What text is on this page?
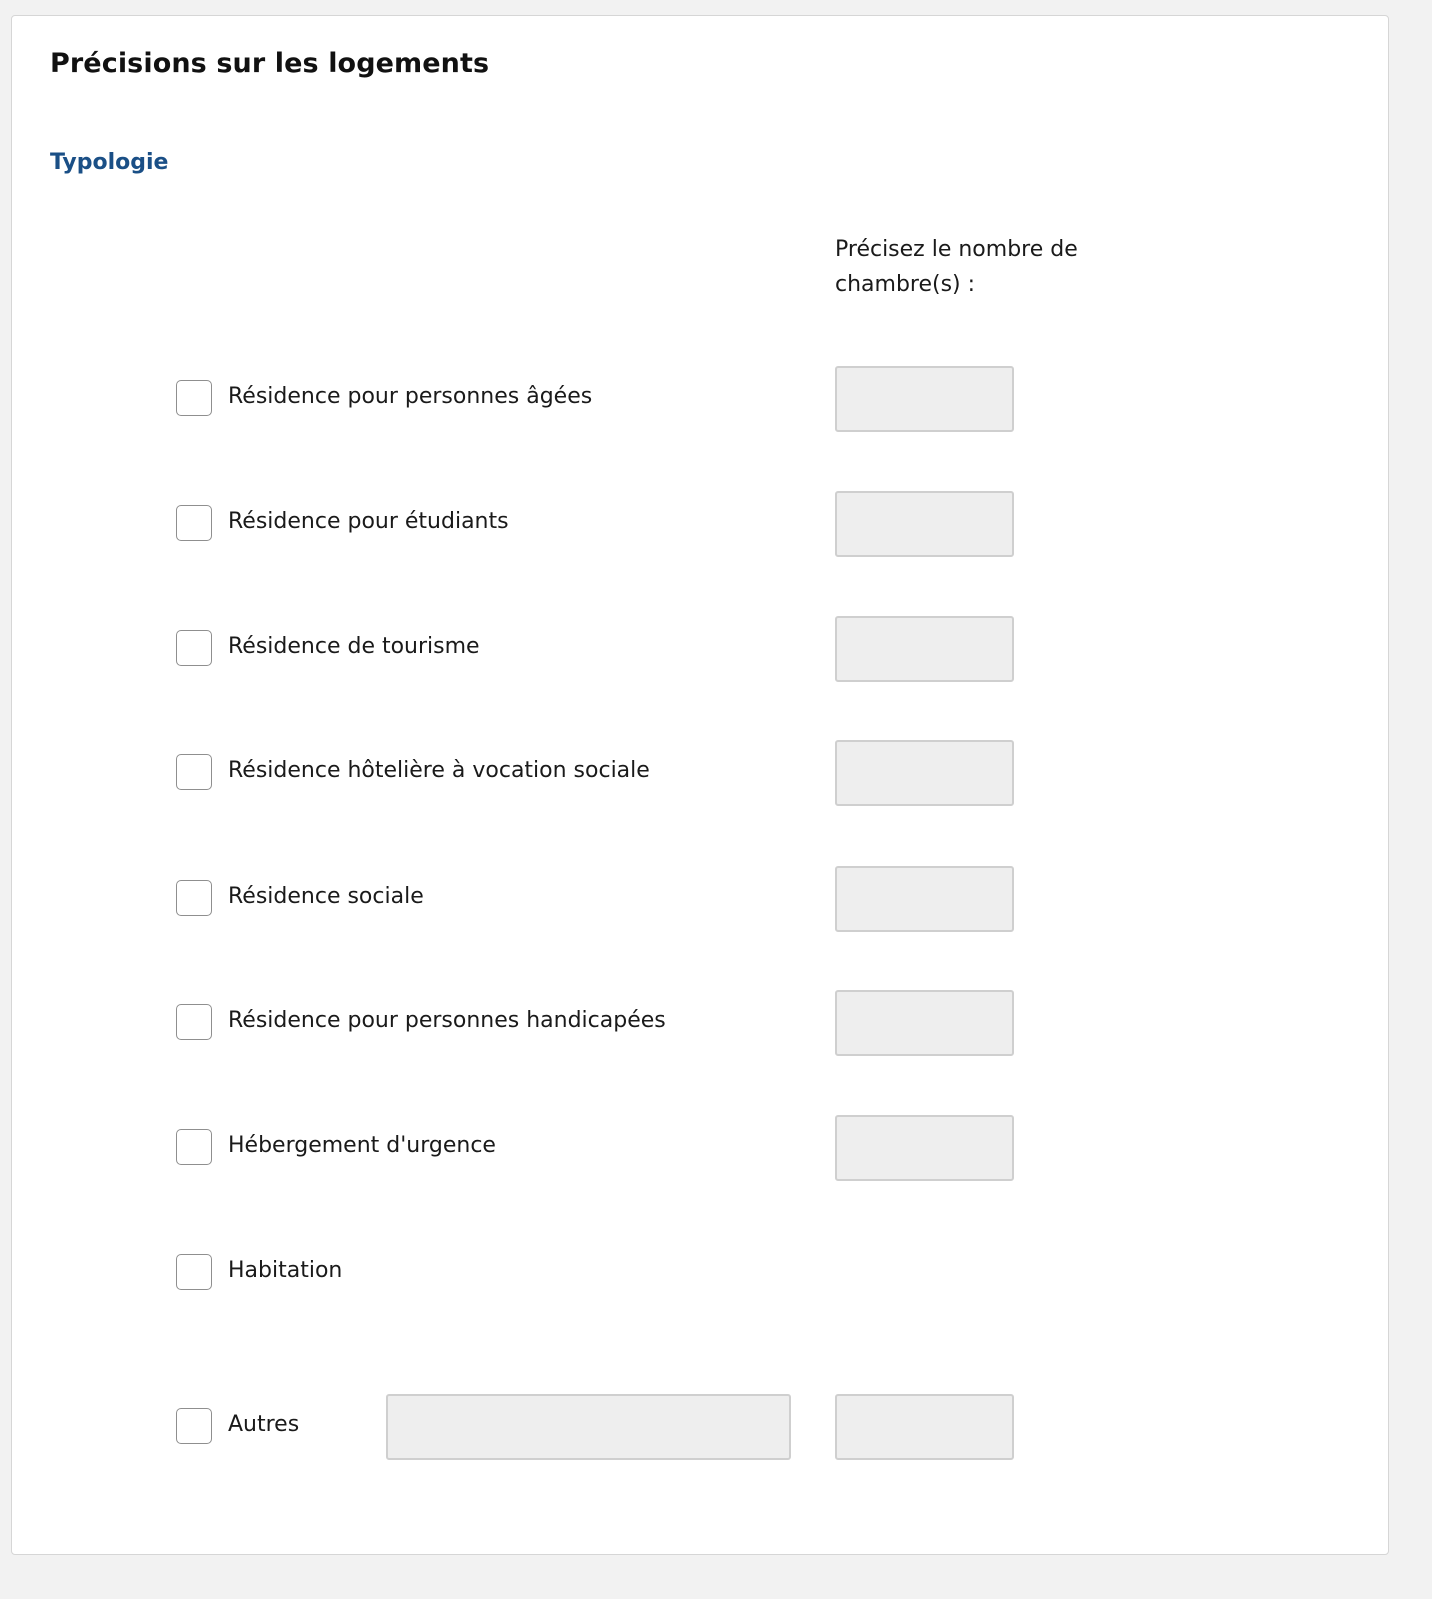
Précisions sur les logements
Typologie
Précisez le nombre de chambre(s) :
Résidence pour personnes âgées
Résidence pour étudiants
Résidence de tourisme
Résidence hôtelière à vocation sociale
Résidence sociale
Résidence pour personnes handicapées
Hébergement d'urgence
Habitation
Autres
